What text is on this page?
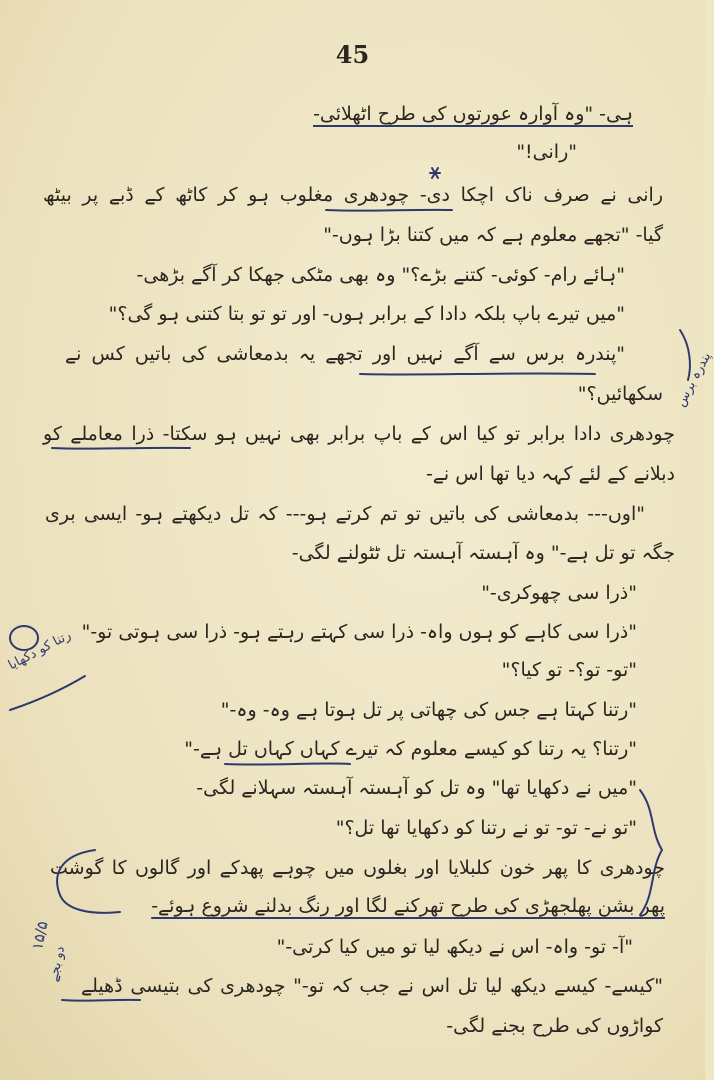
45
ہی- "وہ آوارہ عورتوں کی طرح اٹھلائی-
"رانی!"
رانی نے صرف ناک اچکا دی- چودھری مغلوب ہو کر کاٹھ کے ڈبے پر بیٹھ
گیا- "تجھے معلوم ہے کہ میں کتنا بڑا ہوں-"
"ہائے رام- کوئی- کتنے بڑے؟" وہ بھی مٹکی جھکا کر آگے بڑھی-
"میں تیرے باپ بلکہ دادا کے برابر ہوں- اور تو تو بتا کتنی ہو گی؟"
"پندرہ برس سے آگے نہیں اور تجھے یہ بدمعاشی کی باتیں کس نے
سکھائیں؟"
چودھری دادا برابر تو کیا اس کے باپ برابر بھی نہیں ہو سکتا- ذرا معاملے کو
دبلانے کے لئے کہہ دیا تھا اس نے-
"اوں--- بدمعاشی کی باتیں تو تم کرتے ہو--- کہ تل دیکھتے ہو- ایسی بری
جگہ تو تل ہے-" وہ آہستہ آہستہ تل ٹٹولنے لگی-
"ذرا سی چھوکری-"
"ذرا سی کاہے کو ہوں واہ- ذرا سی کہتے رہتے ہو- ذرا سی ہوتی تو-"
"تو- تو؟- تو کیا؟"
"رتنا کہتا ہے جس کی چھاتی پر تل ہوتا ہے وہ- وہ-"
"رتنا؟ یہ رتنا کو کیسے معلوم کہ تیرے کہاں کہاں تل ہے-"
"میں نے دکھایا تھا" وہ تل کو آہستہ آہستہ سہلانے لگی-
"تو نے- تو- تو نے رتنا کو دکھایا تھا تل؟"
چودھری کا پھر خون کلبلایا اور بغلوں میں چوہے پھدکے اور گالوں کا گوشت
پھر بشن پھلجھڑی کی طرح تھرکنے لگا اور رنگ بدلنے شروع ہوئے-
"آ- تو- واہ- اس نے دیکھ لیا تو میں کیا کرتی-"
"کیسے- کیسے دیکھ لیا تل اس نے جب کہ تو-" چودھری کی بتیسی ڈھیلے
کواڑوں کی طرح بجنے لگی-
پندرہ برس
رتنا کو دکھایا
۱۵/۵
دو بجے
